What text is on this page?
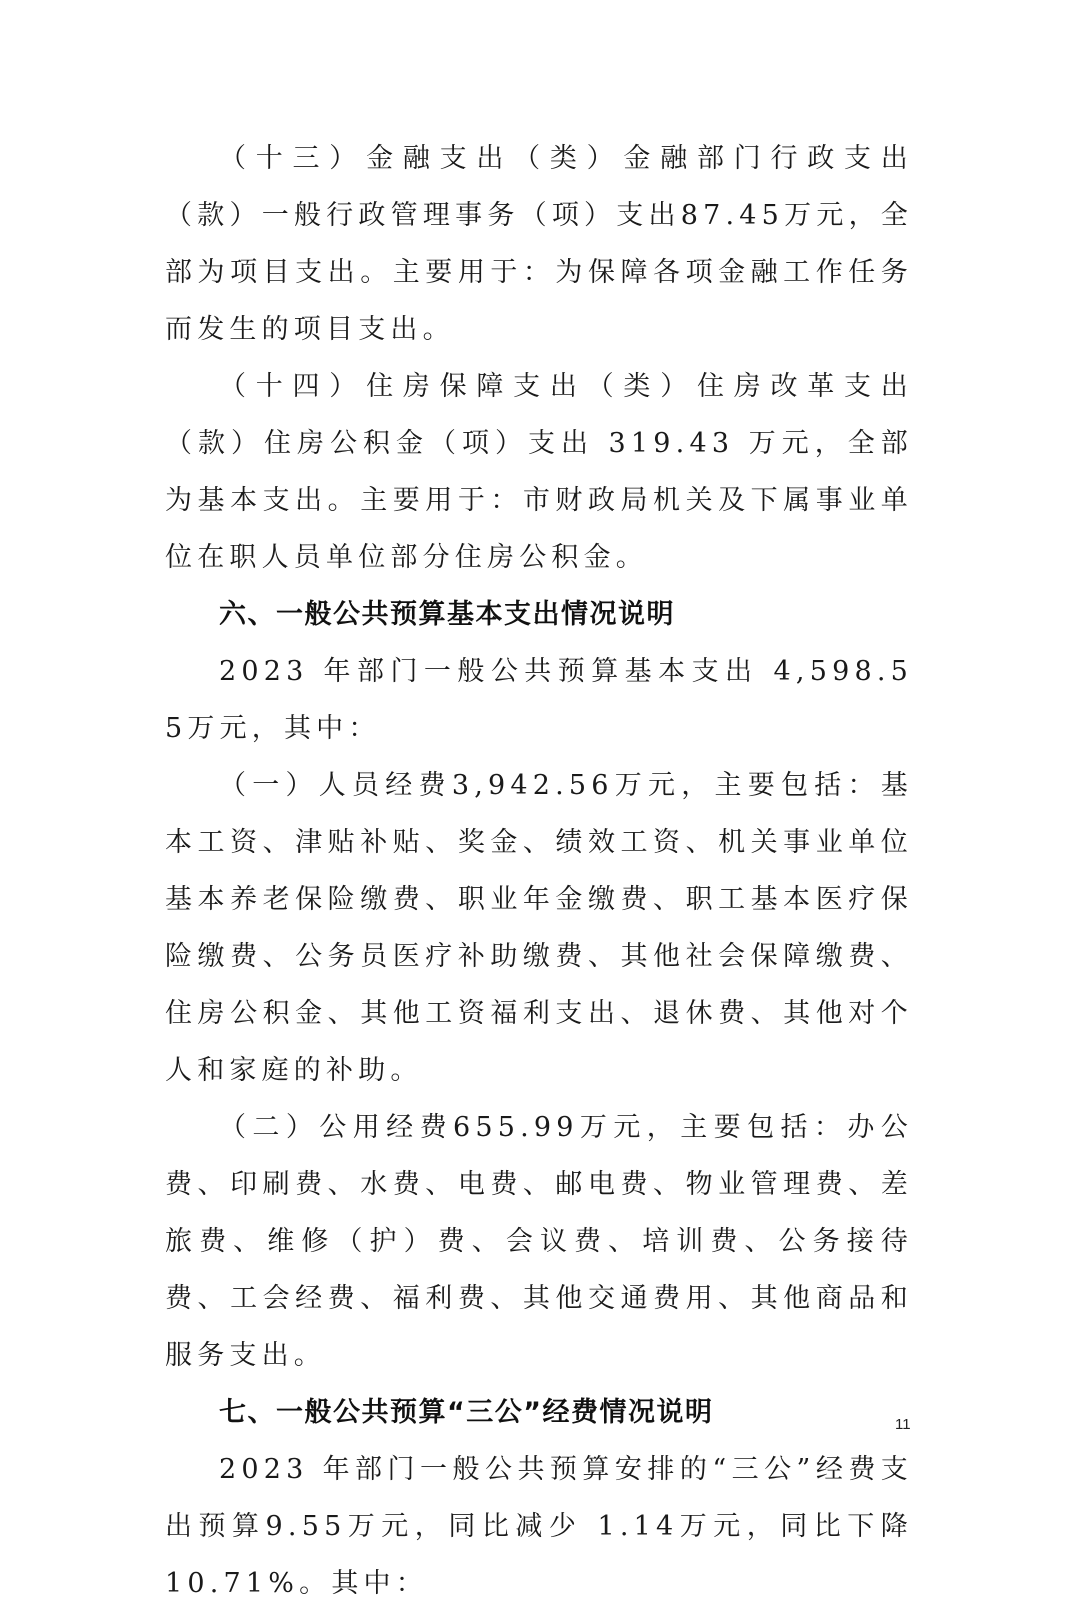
（十三）金融支出（类）金融部门行政支出（款）一般行政管理事务（项）支出87.45万元，全部为项目支出。主要用于：为保障各项金融工作任务而发生的项目支出。

（十四）住房保障支出（类）住房改革支出（款）住房公积金（项）支出 319.43 万元，全部为基本支出。主要用于：市财政局机关及下属事业单位在职人员单位部分住房公积金。

六、一般公共预算基本支出情况说明

2023 年部门一般公共预算基本支出 4,598.55万元，其中：

（一）人员经费3,942.56万元，主要包括：基本工资、津贴补贴、奖金、绩效工资、机关事业单位基本养老保险缴费、职业年金缴费、职工基本医疗保险缴费、公务员医疗补助缴费、其他社会保障缴费、住房公积金、其他工资福利支出、退休费、其他对个人和家庭的补助。

（二）公用经费655.99万元，主要包括：办公费、印刷费、水费、电费、邮电费、物业管理费、差旅费、维修（护）费、会议费、培训费、公务接待费、工会经费、福利费、其他交通费用、其他商品和服务支出。

七、一般公共预算“三公”经费情况说明

2023 年部门一般公共预算安排的“三公”经费支出预算9.55万元，同比减少 1.14万元，同比下降 10.71%。其中：

11
